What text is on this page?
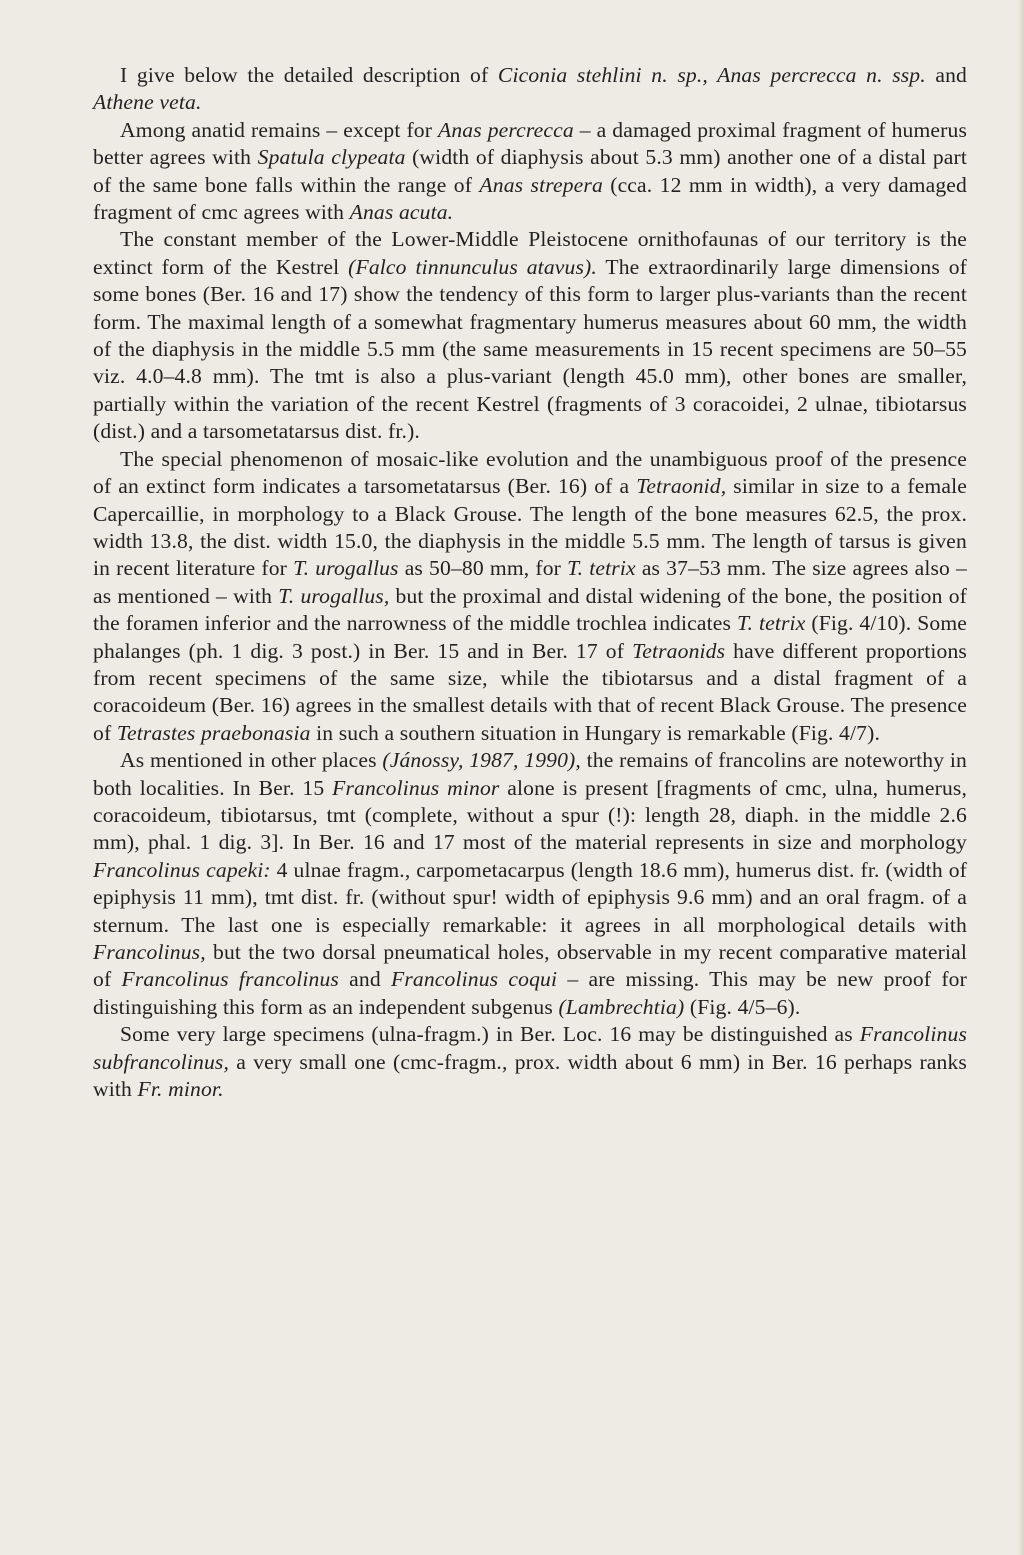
I give below the detailed description of Ciconia stehlini n. sp., Anas percrecca n. ssp. and Athene veta.

Among anatid remains – except for Anas percrecca – a damaged proximal fragment of humerus better agrees with Spatula clypeata (width of diaphysis about 5.3 mm) another one of a distal part of the same bone falls within the range of Anas strepera (cca. 12 mm in width), a very damaged fragment of cmc agrees with Anas acuta.

The constant member of the Lower-Middle Pleistocene ornithofaunas of our territory is the extinct form of the Kestrel (Falco tinnunculus atavus). The extraordinarily large dimensions of some bones (Ber. 16 and 17) show the tendency of this form to larger plus-variants than the recent form. The maximal length of a somewhat fragmentary humerus measures about 60 mm, the width of the diaphysis in the middle 5.5 mm (the same measurements in 15 recent specimens are 50–55 viz. 4.0–4.8 mm). The tmt is also a plus-variant (length 45.0 mm), other bones are smaller, partially within the variation of the recent Kestrel (fragments of 3 coracoidei, 2 ulnae, tibiotarsus (dist.) and a tarsometatarsus dist. fr.).

The special phenomenon of mosaic-like evolution and the unambiguous proof of the presence of an extinct form indicates a tarsometatarsus (Ber. 16) of a Tetraonid, similar in size to a female Capercaillie, in morphology to a Black Grouse. The length of the bone measures 62.5, the prox. width 13.8, the dist. width 15.0, the diaphysis in the middle 5.5 mm. The length of tarsus is given in recent literature for T. urogallus as 50–80 mm, for T. tetrix as 37–53 mm. The size agrees also – as mentioned – with T. urogallus, but the proximal and distal widening of the bone, the position of the foramen inferior and the narrowness of the middle trochlea indicates T. tetrix (Fig. 4/10). Some phalanges (ph. 1 dig. 3 post.) in Ber. 15 and in Ber. 17 of Tetraonids have different proportions from recent specimens of the same size, while the tibiotarsus and a distal fragment of a coracoideum (Ber. 16) agrees in the smallest details with that of recent Black Grouse. The presence of Tetrastes praebonasia in such a southern situation in Hungary is remarkable (Fig. 4/7).

As mentioned in other places (Jánossy, 1987, 1990), the remains of francolins are noteworthy in both localities. In Ber. 15 Francolinus minor alone is present [fragments of cmc, ulna, humerus, coracoideum, tibiotarsus, tmt (complete, without a spur (!): length 28, diaph. in the middle 2.6 mm), phal. 1 dig. 3]. In Ber. 16 and 17 most of the material represents in size and morphology Francolinus capeki: 4 ulnae fragm., carpometacarpus (length 18.6 mm), humerus dist. fr. (width of epiphysis 11 mm), tmt dist. fr. (without spur! width of epiphysis 9.6 mm) and an oral fragm. of a sternum. The last one is especially remarkable: it agrees in all morphological details with Francolinus, but the two dorsal pneumatical holes, observable in my recent comparative material of Francolinus francolinus and Francolinus coqui – are missing. This may be new proof for distinguishing this form as an independent subgenus (Lambrechtia) (Fig. 4/5–6).

Some very large specimens (ulna-fragm.) in Ber. Loc. 16 may be distinguished as Francolinus subfrancolinus, a very small one (cmc-fragm., prox. width about 6 mm) in Ber. 16 perhaps ranks with Fr. minor.
